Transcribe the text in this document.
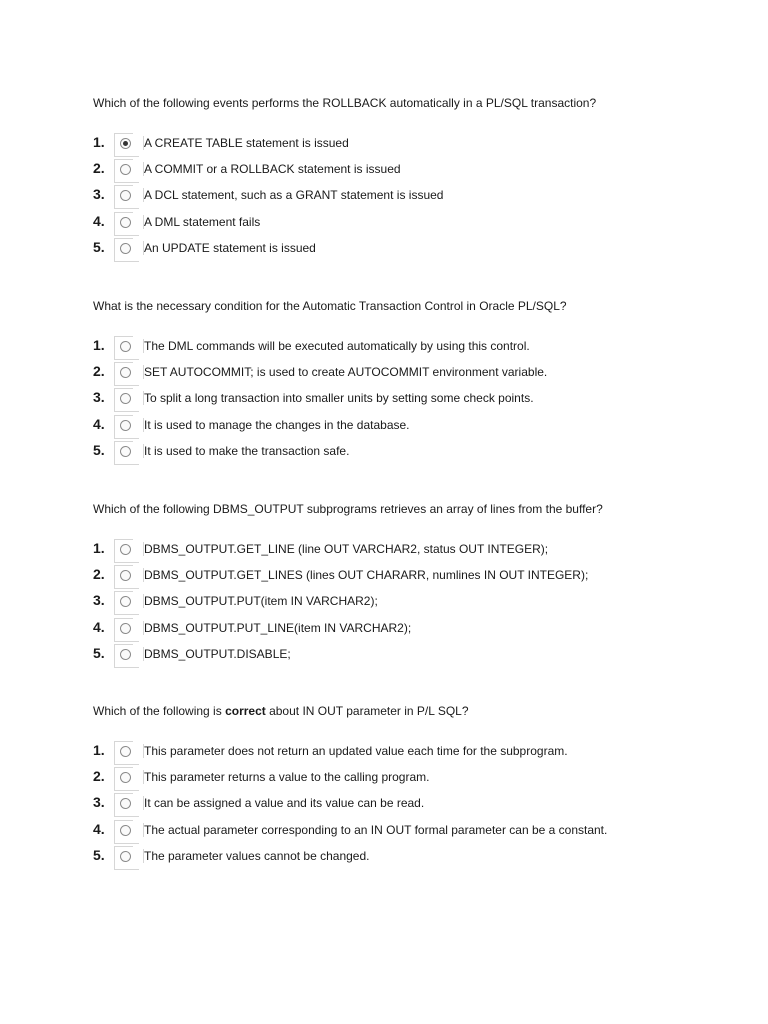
Which of the following events performs the ROLLBACK automatically in a PL/SQL transaction?

1.	A CREATE TABLE statement is issued
2.	A COMMIT or a ROLLBACK statement is issued
3.	A DCL statement, such as a GRANT statement is issued
4.	A DML statement fails
5.	An UPDATE statement is issued

What is the necessary condition for the Automatic Transaction Control in Oracle PL/SQL?

1.	The DML commands will be executed automatically by using this control.
2.	SET AUTOCOMMIT; is used to create AUTOCOMMIT environment variable.
3.	To split a long transaction into smaller units by setting some check points.
4.	It is used to manage the changes in the database.
5.	It is used to make the transaction safe.

Which of the following DBMS_OUTPUT subprograms retrieves an array of lines from the buffer?

1.	DBMS_OUTPUT.GET_LINE (line OUT VARCHAR2, status OUT INTEGER);
2.	DBMS_OUTPUT.GET_LINES (lines OUT CHARARR, numlines IN OUT INTEGER);
3.	DBMS_OUTPUT.PUT(item IN VARCHAR2);
4.	DBMS_OUTPUT.PUT_LINE(item IN VARCHAR2);
5.	DBMS_OUTPUT.DISABLE;

Which of the following is correct about IN OUT parameter in P/L SQL?

1.	This parameter does not return an updated value each time for the subprogram.
2.	This parameter returns a value to the calling program.
3.	It can be assigned a value and its value can be read.
4.	The actual parameter corresponding to an IN OUT formal parameter can be a constant.
5.	The parameter values cannot be changed.
